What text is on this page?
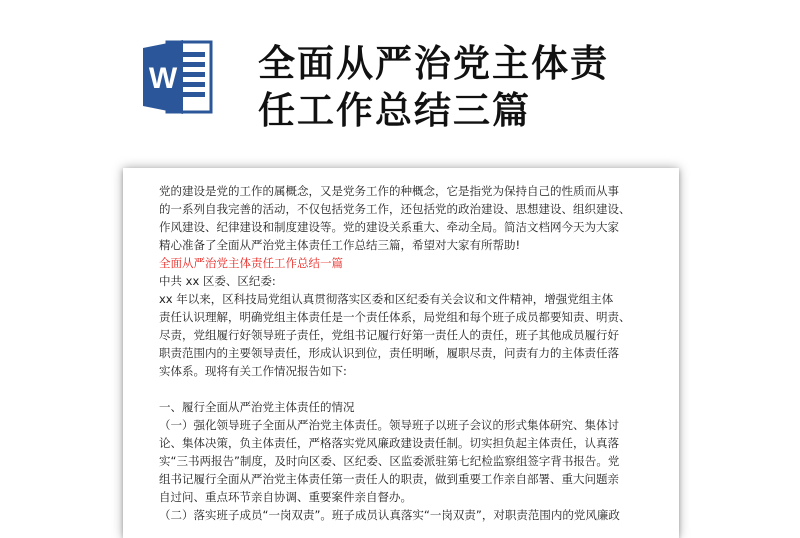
W 全面从严治党主体责
任工作总结三篇

党的建设是党的工作的属概念，又是党务工作的种概念，它是指党为保持自己的性质而从事

的一系列自我完善的活动，不仅包括党务工作，还包括党的政治建设、思想建设、组织建设、

作风建设、纪律建设和制度建设等。党的建设关系重大、牵动全局。简洁文档网今天为大家

精心准备了全面从严治党主体责任工作总结三篇，希望对大家有所帮助!

全面从严治党主体责任工作总结一篇

中共 xx 区委、区纪委:

xx 年以来，区科技局党组认真贯彻落实区委和区纪委有关会议和文件精神，增强党组主体

责任认识理解，明确党组主体责任是一个责任体系，局党组和每个班子成员都要知责、明责、

尽责，党组履行好领导班子责任，党组书记履行好第一责任人的责任，班子其他成员履行好

职责范围内的主要领导责任，形成认识到位，责任明晰，履职尽责，问责有力的主体责任落

实体系。现将有关工作情况报告如下:

一、履行全面从严治党主体责任的情况

（一）强化领导班子全面从严治党主体责任。领导班子以班子会议的形式集体研究、集体讨

论、集体决策，负主体责任，严格落实党风廉政建设责任制。切实担负起主体责任，认真落

实“三书两报告”制度，及时向区委、区纪委、区监委派驻第七纪检监察组签字背书报告。党

组书记履行全面从严治党主体责任第一责任人的职责，做到重要工作亲自部署、重大问题亲

自过问、重点环节亲自协调、重要案件亲自督办。

（二）落实班子成员“一岗双责”。班子成员认真落实“一岗双责”，对职责范围内的党风廉政
